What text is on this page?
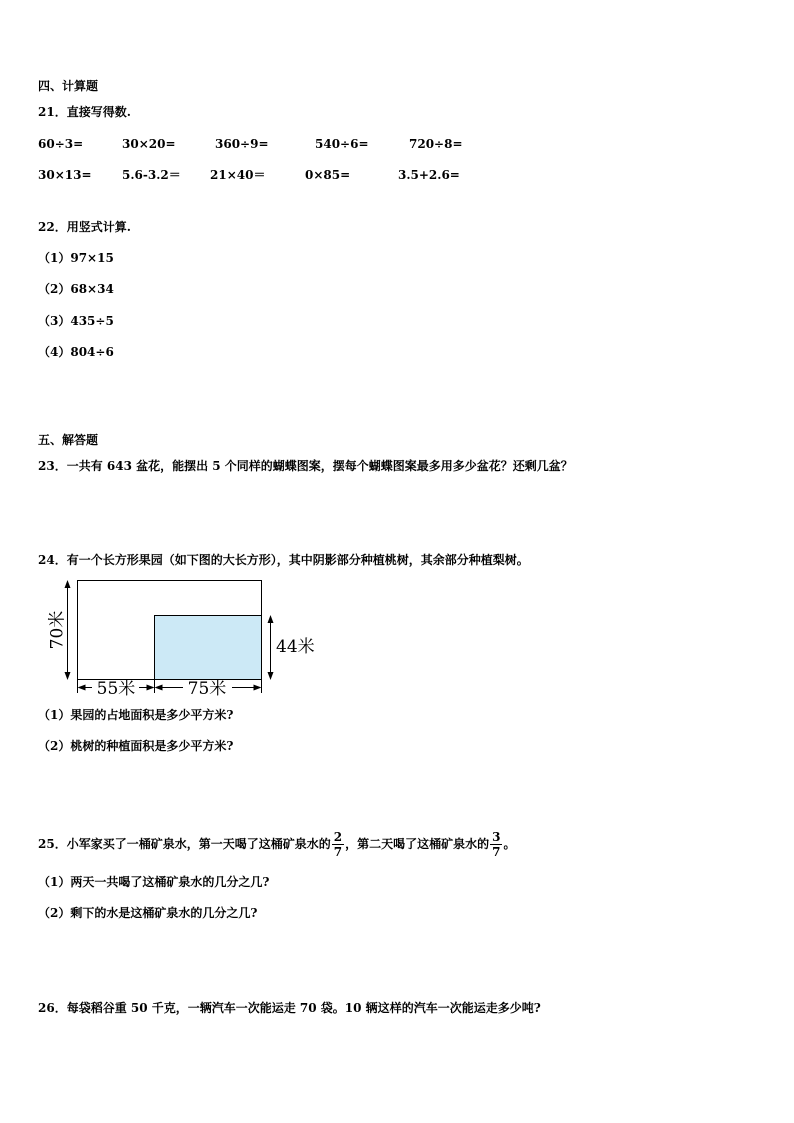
四、计算题
21．直接写得数.
60÷3=	30×20=	360÷9=	540÷6=	720÷8=
30×13=	5.6-3.2＝ 21×40＝	0×85=	3.5+2.6=
22．用竖式计算.
（1）97×15
（2）68×34
（3）435÷5
（4）804÷6
五、解答题
23．一共有 643 盆花，能摆出 5 个同样的蝴蝶图案，摆每个蝴蝶图案最多用多少盆花？还剩几盆？
24．有一个长方形果园（如下图的大长方形），其中阴影部分种植桃树，其余部分种植梨树。
70米	44米
55米	75米
（1）果园的占地面积是多少平方米?
（2）桃树的种植面积是多少平方米?
25．小军家买了一桶矿泉水，第一天喝了这桶矿泉水的 $\frac{2}{7}$ ，第二天喝了这桶矿泉水的 $\frac{3}{7}$ 。
（1）两天一共喝了这桶矿泉水的几分之几?
（2）剩下的水是这桶矿泉水的几分之几?
26．每袋稻谷重 50 千克，一辆汽车一次能运走 70 袋。10 辆这样的汽车一次能运走多少吨?
